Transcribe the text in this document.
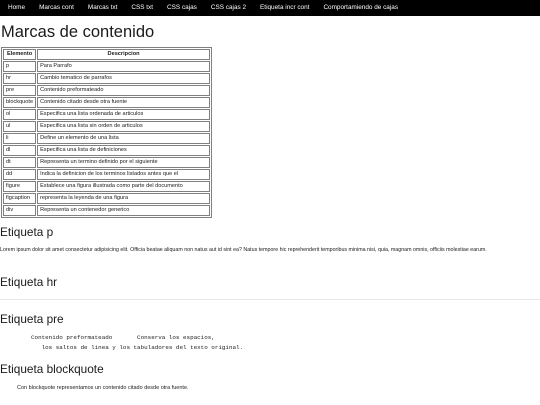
Home	Marcas cont	Marcas txt	CSS txt	CSS cajas	CSS cajas 2	Etiqueta incr cont	Comportamiendo de cajas
Marcas de contenido
Elemento	Descripcion
p	Para Parrafo
hr	Cambio tematico de parrafos
pre	Contenido preformateado
blockquote	Contenido citado desde otra fuente
ol	Especifica una lista ordenada de articulos
ul	Especifica una lista sin orden de articulos
li	Define un elemento de una lista
dl	Especifica una lista de definiciones
dt	Representa un termino definido por el siguiente
dd	Indica la definicion de los terminos listados antes que el
figure	Establece una figura illustrada como parte del documento
figcaption	representa la leyenda de una figura
div	Representa un contenedor generico
Etiqueta p

Lorem ipsum dolor sit amet consectetur adipisicing elit. Officia beatae aliquam non natus aut id sint ea? Natus tempore hic reprehenderit temporibus minima nisi, quia, magnam omnis, officiis molestiae earum.

Etiqueta hr
Etiqueta pre
Contenido preformateado       Conserva los espacios,
los saltos de linea y los tabuladores del texto original.
Etiqueta blockquote
Con blockquote representamos un contenido citado desde otra fuente.
